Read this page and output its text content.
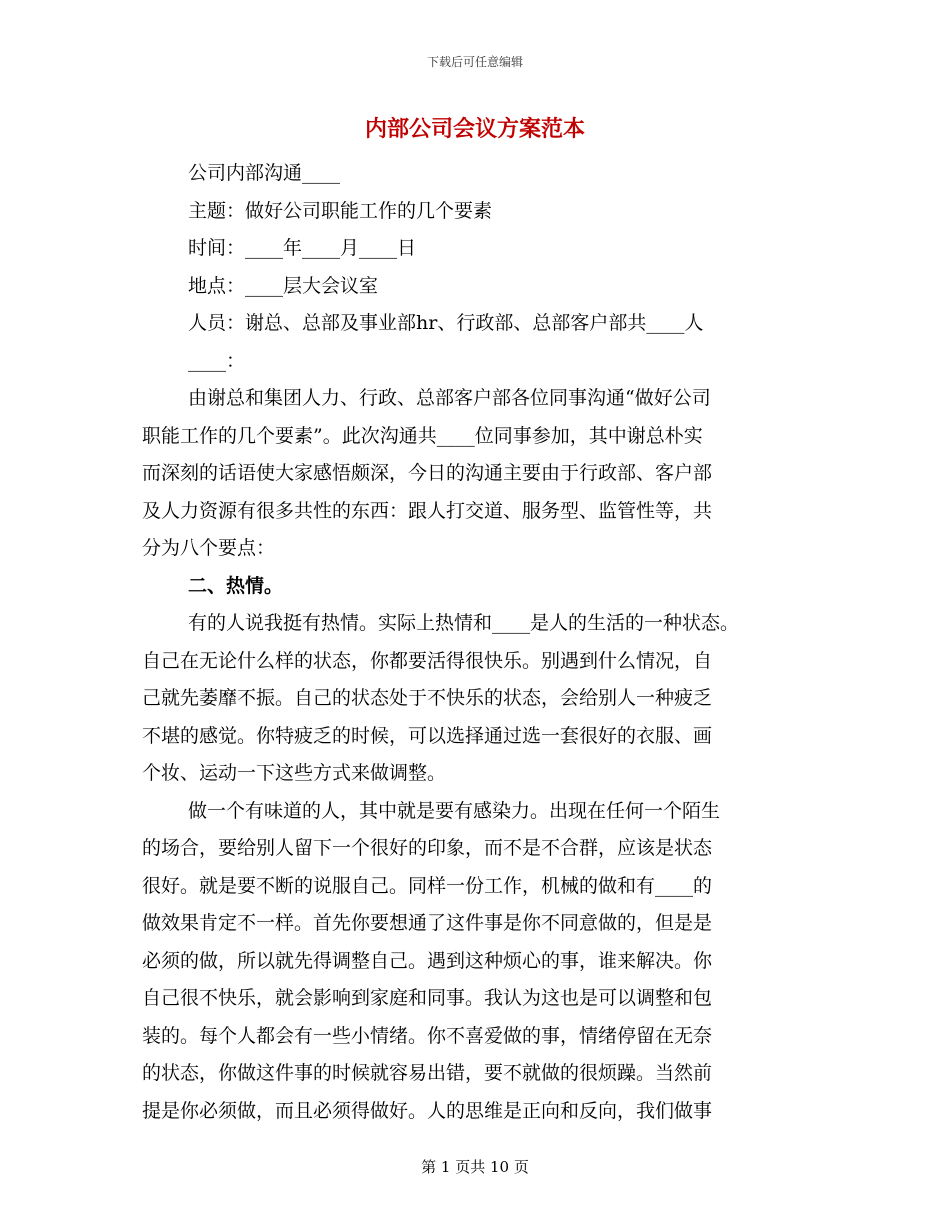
下载后可任意编辑
内部公司会议方案范本

公司内部沟通____

主题：做好公司职能工作的几个要素

时间：____年____月____日

地点：____层大会议室

人员：谢总、总部及事业部hr、行政部、总部客户部共____人

____：

由谢总和集团人力、行政、总部客户部各位同事沟通“做好公司

职能工作的几个要素”。此次沟通共____位同事参加，其中谢总朴实

而深刻的话语使大家感悟颇深，今日的沟通主要由于行政部、客户部

及人力资源有很多共性的东西：跟人打交道、服务型、监管性等，共

分为八个要点：

二、热情。

有的人说我挺有热情。实际上热情和____是人的生活的一种状态。

自己在无论什么样的状态，你都要活得很快乐。别遇到什么情况，自

己就先萎靡不振。自己的状态处于不快乐的状态，会给别人一种疲乏

不堪的感觉。你特疲乏的时候，可以选择通过选一套很好的衣服、画

个妆、运动一下这些方式来做调整。

做一个有味道的人，其中就是要有感染力。出现在任何一个陌生

的场合，要给别人留下一个很好的印象，而不是不合群，应该是状态

很好。就是要不断的说服自己。同样一份工作，机械的做和有____的

做效果肯定不一样。首先你要想通了这件事是你不同意做的，但是是

必须的做，所以就先得调整自己。遇到这种烦心的事，谁来解决。你

自己很不快乐，就会影响到家庭和同事。我认为这也是可以调整和包

装的。每个人都会有一些小情绪。你不喜爱做的事，情绪停留在无奈

的状态，你做这件事的时候就容易出错，要不就做的很烦躁。当然前

提是你必须做，而且必须得做好。人的思维是正向和反向，我们做事

第 1 页共 10 页
